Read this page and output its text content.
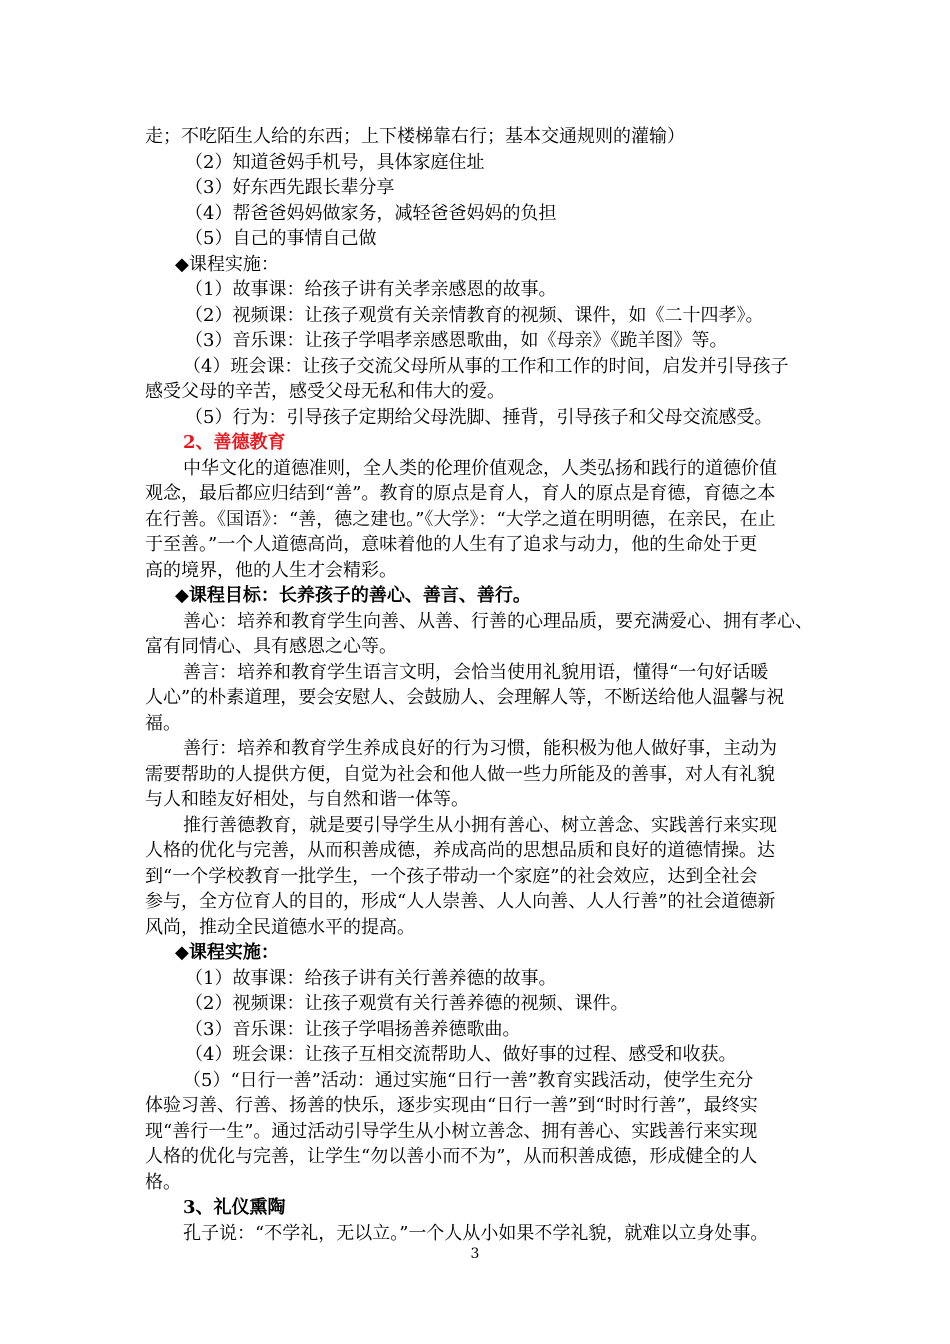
走；不吃陌生人给的东西；上下楼梯靠右行；基本交通规则的灌输）

（2）知道爸妈手机号，具体家庭住址

（3）好东西先跟长辈分享

（4）帮爸爸妈妈做家务，减轻爸爸妈妈的负担

（5）自己的事情自己做

◆课程实施：

（1）故事课：给孩子讲有关孝亲感恩的故事。

（2）视频课：让孩子观赏有关亲情教育的视频、课件，如《二十四孝》。

（3）音乐课：让孩子学唱孝亲感恩歌曲，如《母亲》《跪羊图》等。

（4）班会课：让孩子交流父母所从事的工作和工作的时间，启发并引导孩子

感受父母的辛苦，感受父母无私和伟大的爱。

（5）行为：引导孩子定期给父母洗脚、捶背，引导孩子和父母交流感受。

2、善德教育

中华文化的道德准则，全人类的伦理价值观念，人类弘扬和践行的道德价值

观念，最后都应归结到“善”。教育的原点是育人，育人的原点是育德，育德之本

在行善。《国语》：“善，德之建也。”《大学》：“大学之道在明明德，在亲民，在止

于至善。”一个人道德高尚，意味着他的人生有了追求与动力，他的生命处于更

高的境界，他的人生才会精彩。

◆课程目标：长养孩子的善心、善言、善行。

善心：培养和教育学生向善、从善、行善的心理品质，要充满爱心、拥有孝心、

富有同情心、具有感恩之心等。

善言：培养和教育学生语言文明，会恰当使用礼貌用语，懂得“一句好话暖

人心”的朴素道理，要会安慰人、会鼓励人、会理解人等，不断送给他人温馨与祝

福。

善行：培养和教育学生养成良好的行为习惯，能积极为他人做好事，主动为

需要帮助的人提供方便，自觉为社会和他人做一些力所能及的善事，对人有礼貌

与人和睦友好相处，与自然和谐一体等。

推行善德教育，就是要引导学生从小拥有善心、树立善念、实践善行来实现

人格的优化与完善，从而积善成德，养成高尚的思想品质和良好的道德情操。达

到“一个学校教育一批学生，一个孩子带动一个家庭”的社会效应，达到全社会

参与，全方位育人的目的，形成“人人崇善、人人向善、人人行善”的社会道德新

风尚，推动全民道德水平的提高。

◆课程实施：

（1）故事课：给孩子讲有关行善养德的故事。

（2）视频课：让孩子观赏有关行善养德的视频、课件。

（3）音乐课：让孩子学唱扬善养德歌曲。

（4）班会课：让孩子互相交流帮助人、做好事的过程、感受和收获。

（5）“日行一善”活动：通过实施“日行一善”教育实践活动，使学生充分

体验习善、行善、扬善的快乐，逐步实现由“日行一善”到“时时行善”，最终实

现“善行一生”。通过活动引导学生从小树立善念、拥有善心、实践善行来实现

人格的优化与完善，让学生“勿以善小而不为”，从而积善成德，形成健全的人

格。

3、礼仪熏陶

孔子说：“不学礼，无以立。”一个人从小如果不学礼貌，就难以立身处事。

3
